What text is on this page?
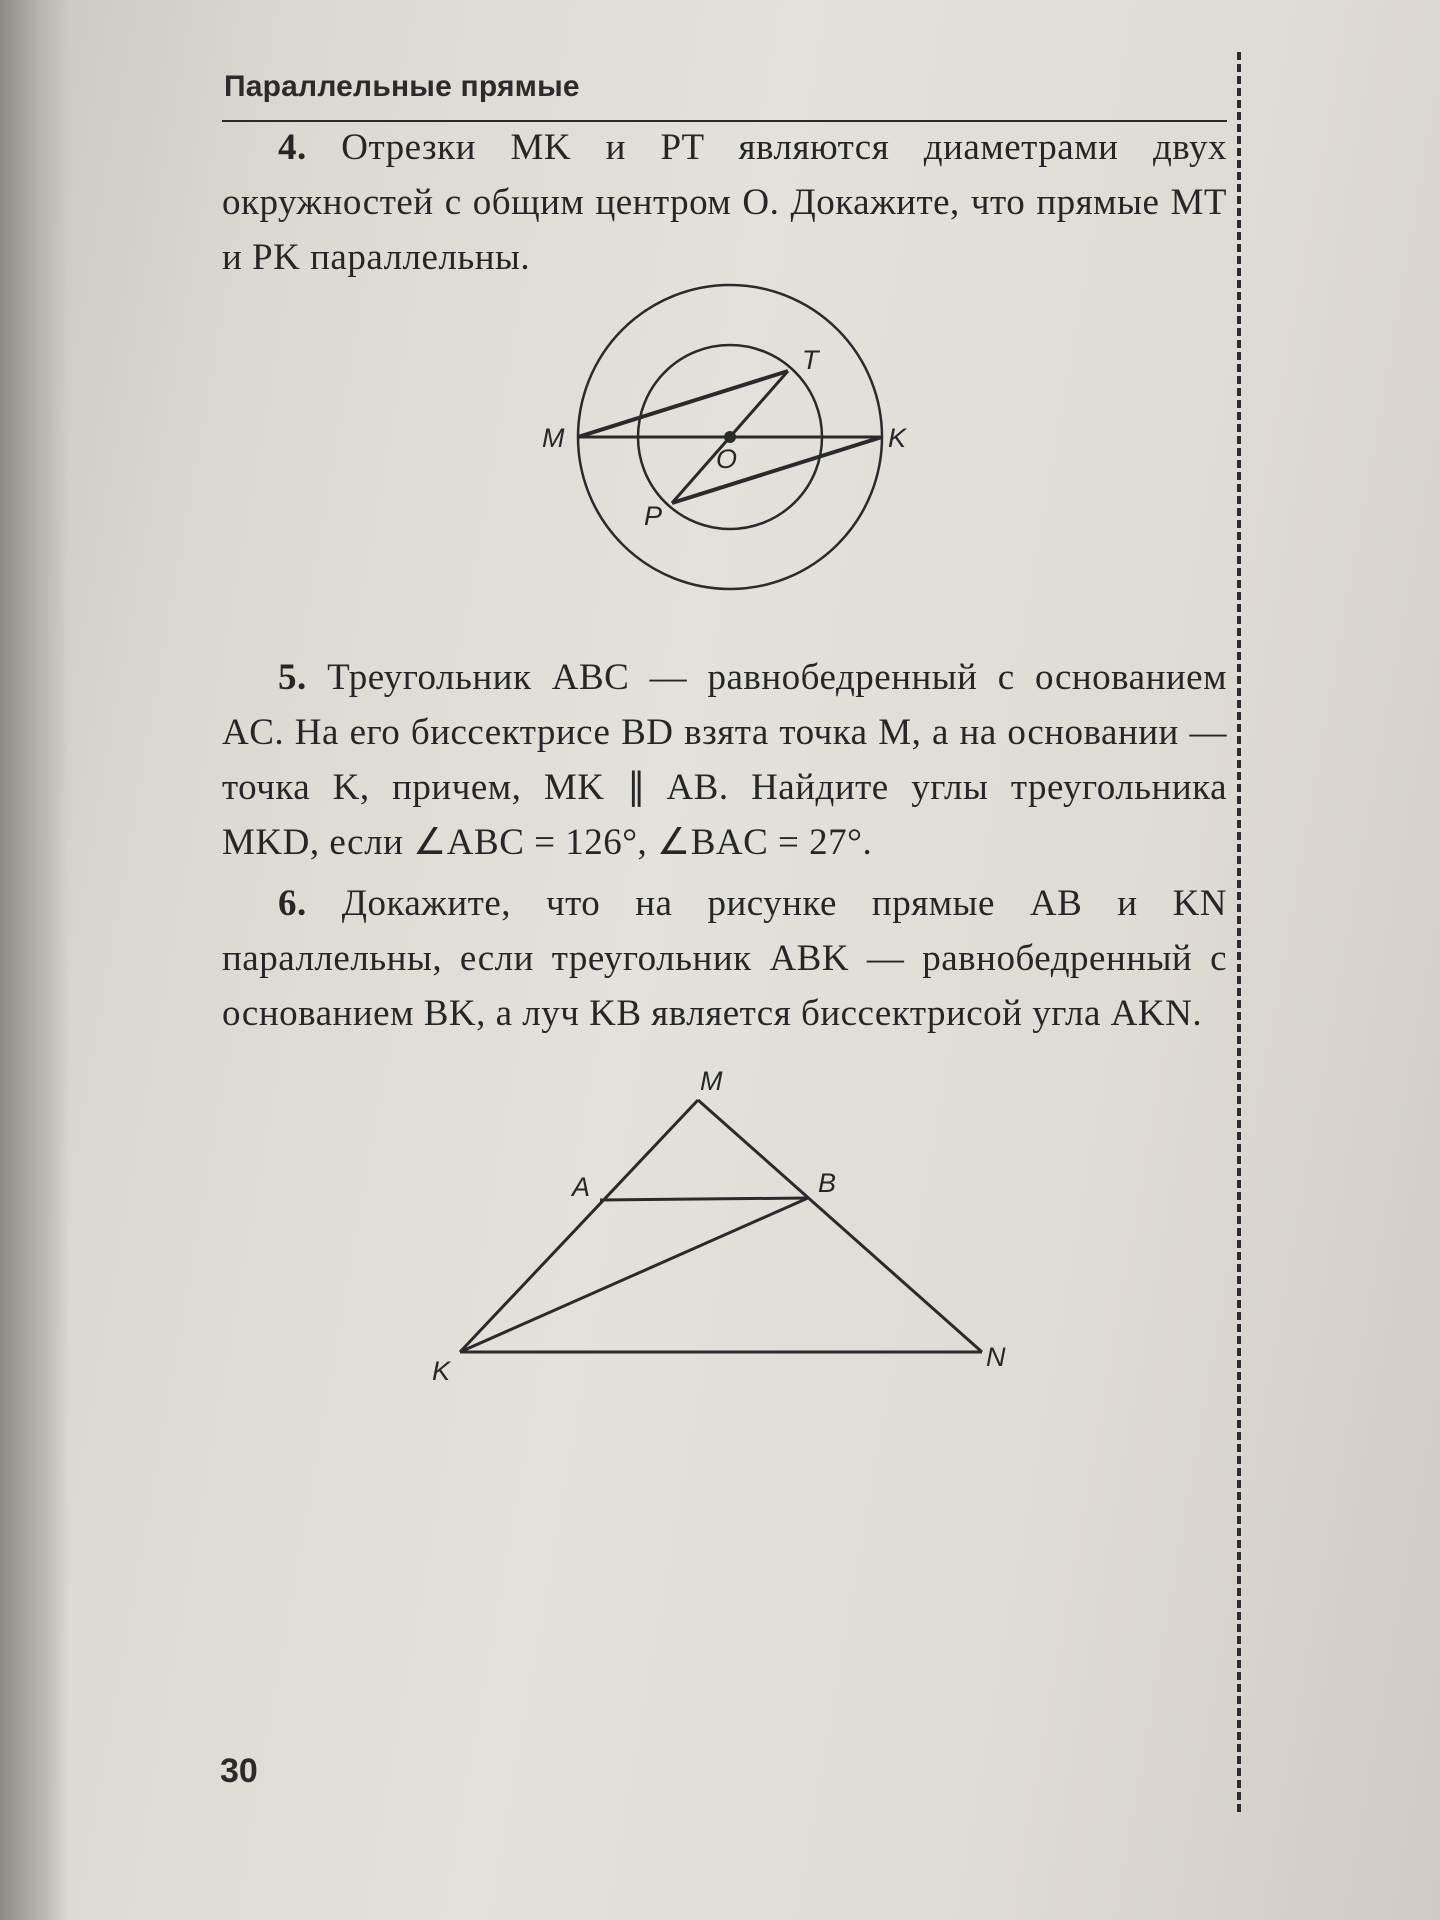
Параллельные прямые
4. Отрезки MK и PT являются диаметрами двух окружностей с общим центром O. Докажите, что прямые MT и PK параллельны.
M	K
T
P
O
5. Треугольник ABC — равнобедренный с основанием AC. На его биссектрисе BD взята точка M, а на основании — точка K, причем, MK ∥ AB. Найдите углы треугольника MKD, если ∠ABC = 126°, ∠BAC = 27°.
6. Докажите, что на рисунке прямые AB и KN параллельны, если треугольник ABK — равнобедренный с основанием BK, а луч KB является биссектрисой угла AKN.
M
A	B
K	N
30
